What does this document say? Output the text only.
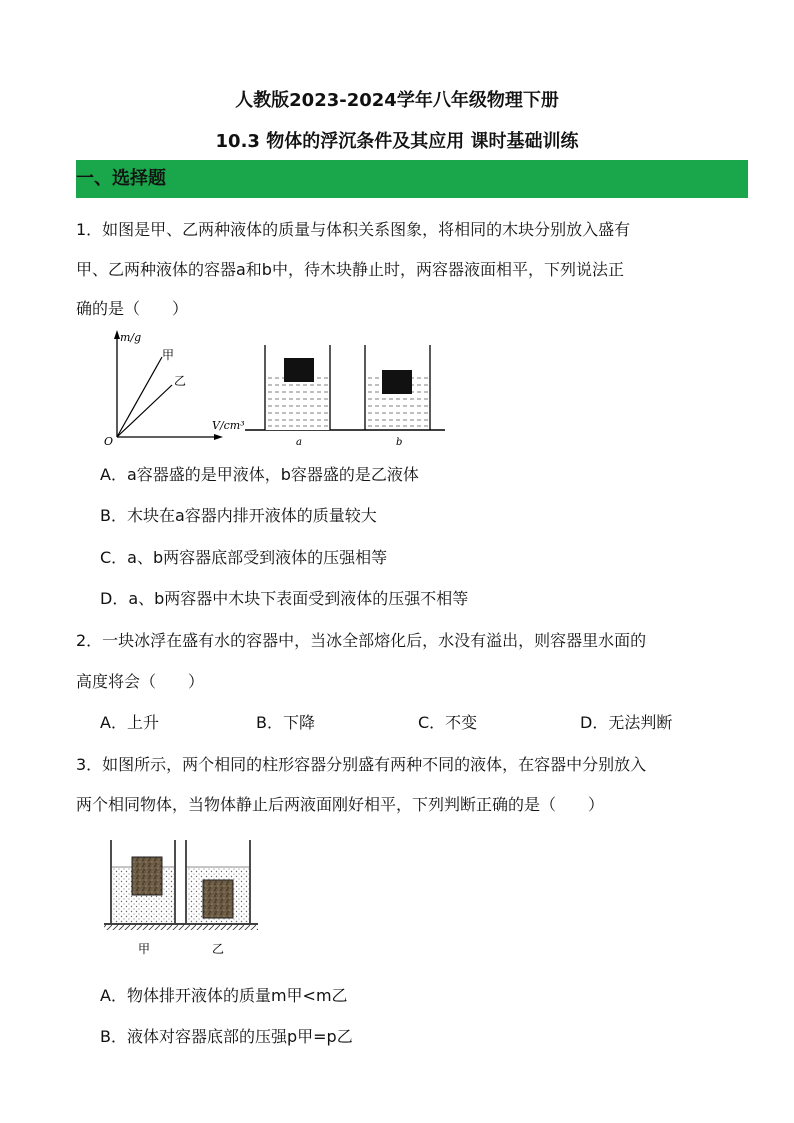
人教版2023-2024学年八年级物理下册
10.3 物体的浮沉条件及其应用 课时基础训练
一、选择题
1．如图是甲、乙两种液体的质量与体积关系图象，将相同的木块分别放入盛有
甲、乙两种液体的容器a和b中，待木块静止时，两容器液面相平，下列说法正
确的是（　　）
m/g
V/cm³
O
甲
乙
a	b
A．a容器盛的是甲液体，b容器盛的是乙液体
B．木块在a容器内排开液体的质量较大
C．a、b两容器底部受到液体的压强相等
D．a、b两容器中木块下表面受到液体的压强不相等
2．一块冰浮在盛有水的容器中，当冰全部熔化后，水没有溢出，则容器里水面的
高度将会（　　）
A．上升	B．下降	C．不变	D．无法判断
3．如图所示，两个相同的柱形容器分别盛有两种不同的液体，在容器中分别放入
两个相同物体，当物体静止后两液面刚好相平，下列判断正确的是（　　）
甲	乙
A．物体排开液体的质量m甲<m乙
B．液体对容器底部的压强p甲=p乙
